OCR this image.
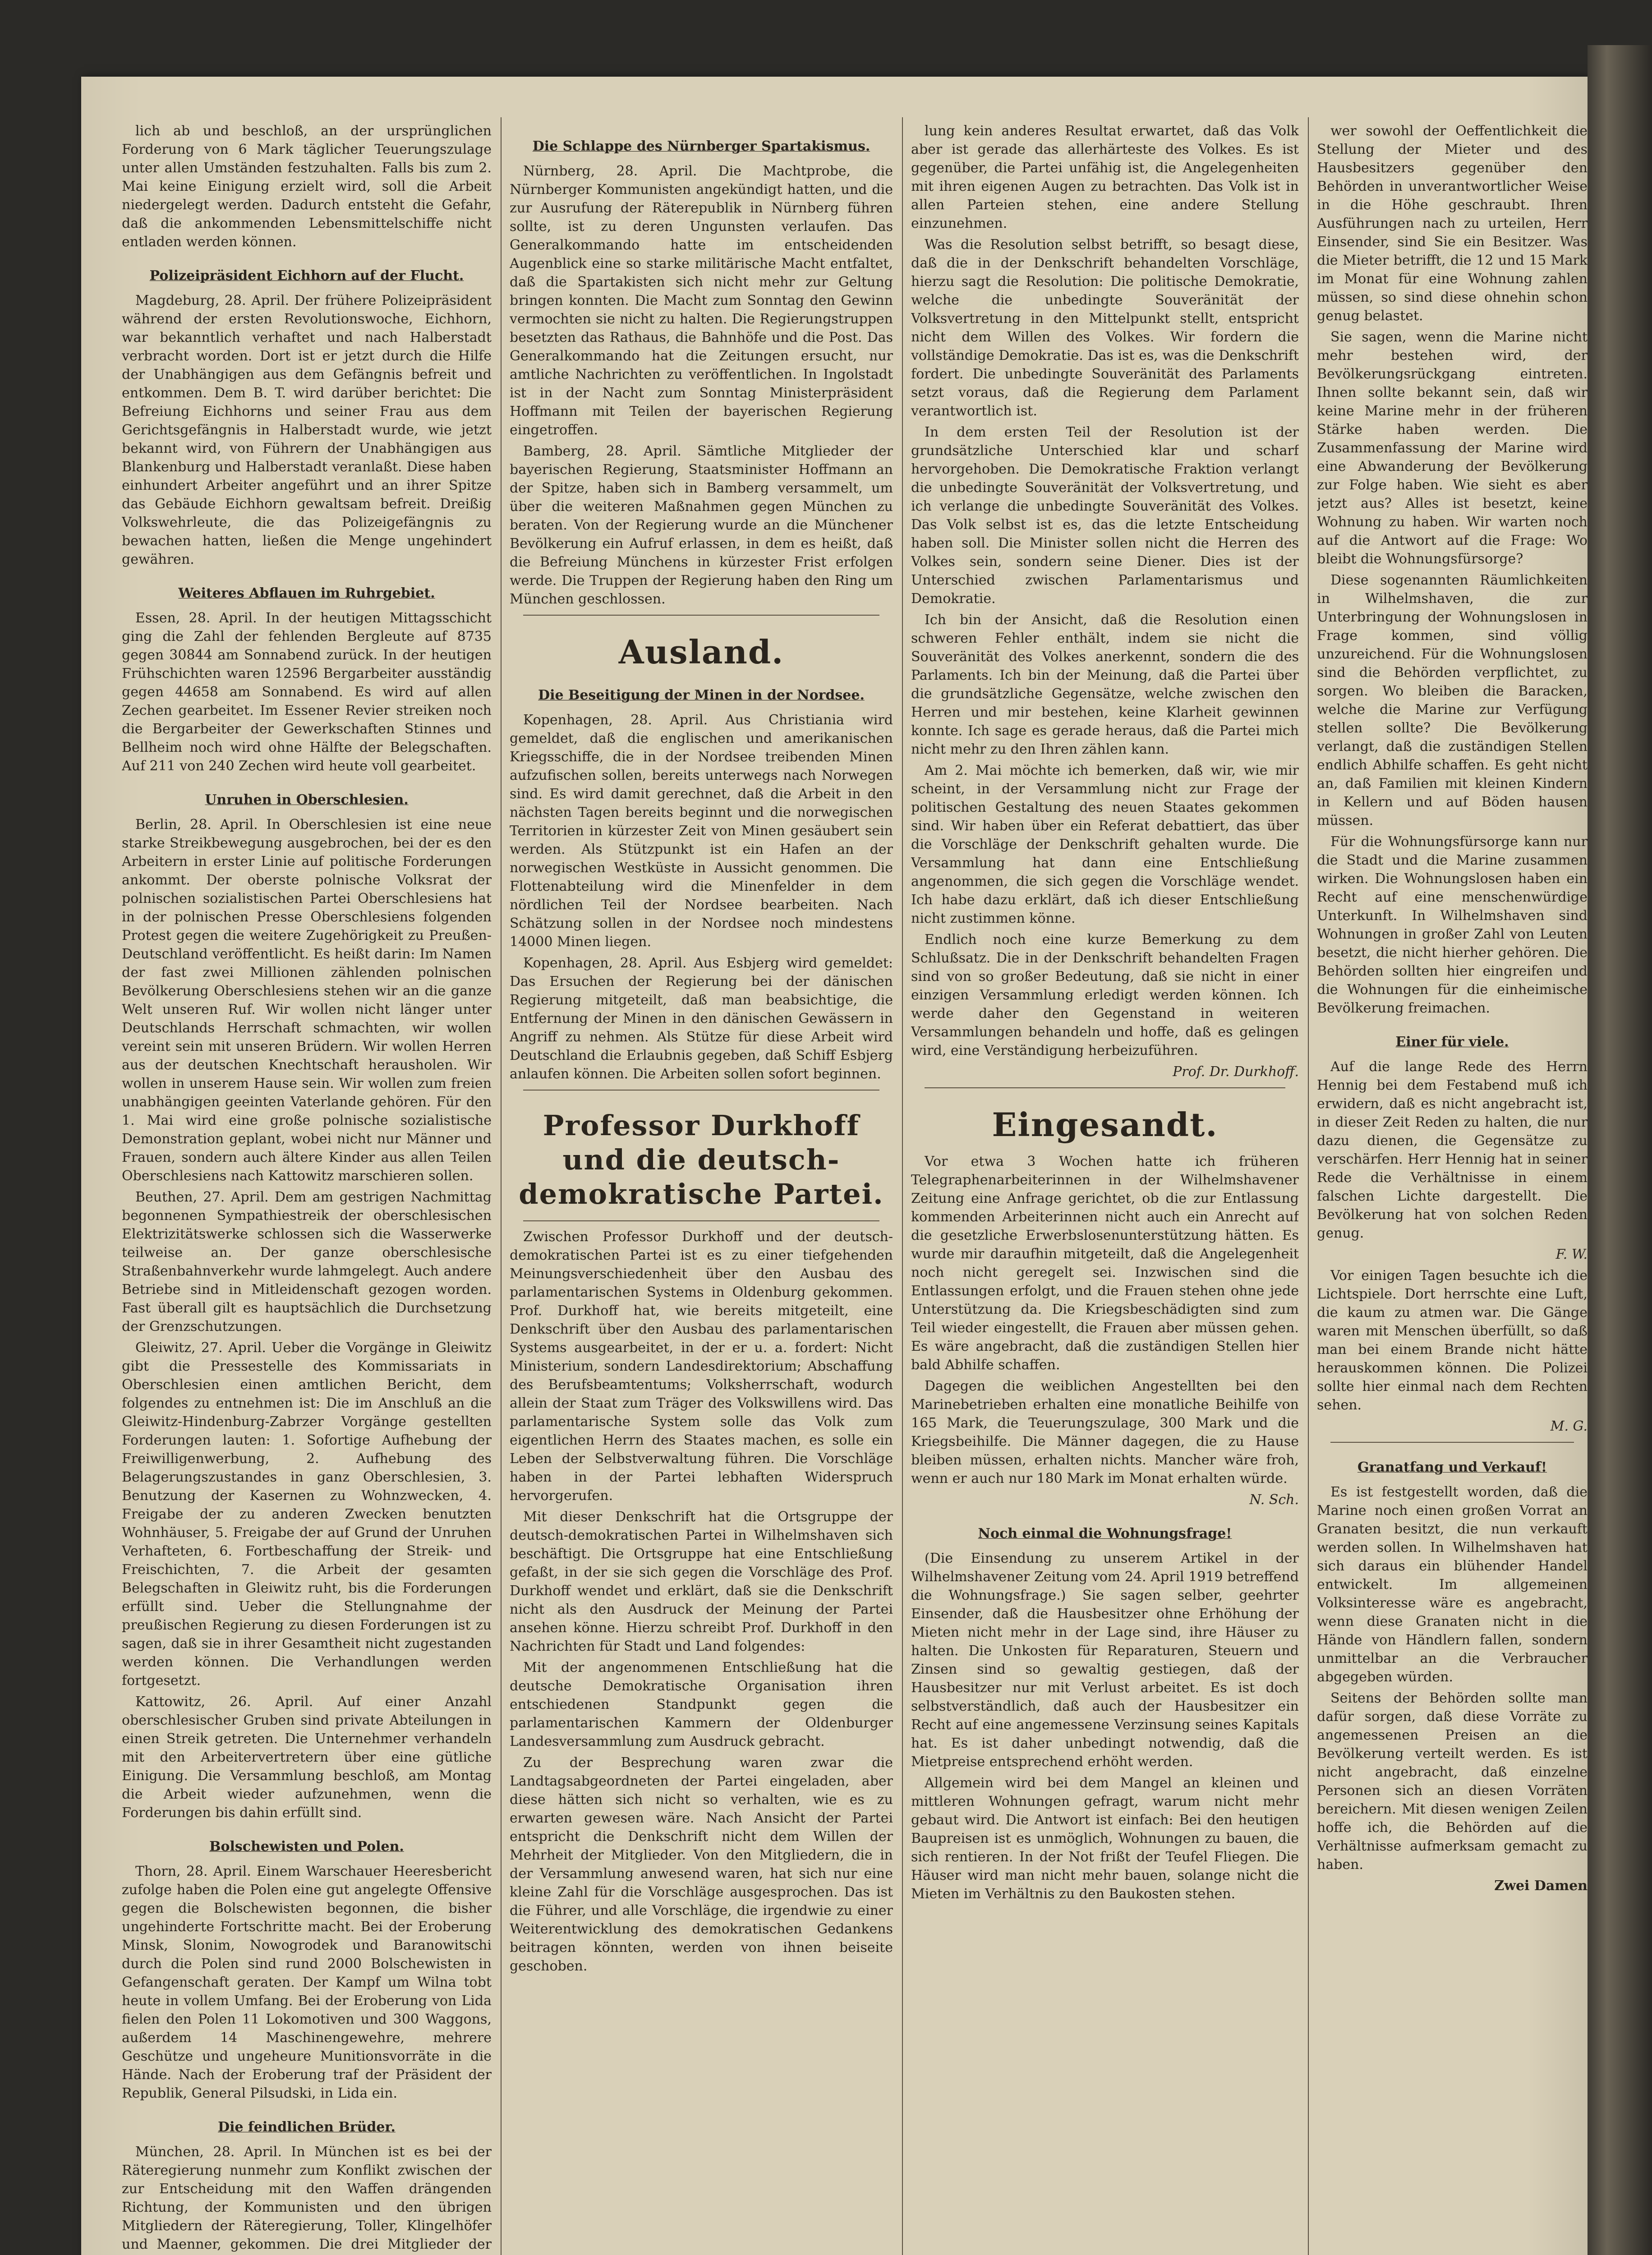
lich ab und beschloß, an der ursprünglichen Forderung von 6 Mark täglicher Teuerungszulage unter allen Umständen festzuhalten. Falls bis zum 2. Mai keine Einigung erzielt wird, soll die Arbeit niedergelegt werden. Dadurch entsteht die Gefahr, daß die ankommenden Lebensmittelschiffe nicht entladen werden können.

Polizeipräsident Eichhorn auf der Flucht.

Magdeburg, 28. April. Der frühere Polizeipräsident während der ersten Revolutionswoche, Eichhorn, war bekanntlich verhaftet und nach Halberstadt verbracht worden. Dort ist er jetzt durch die Hilfe der Unabhängigen aus dem Gefängnis befreit und entkommen. Dem B. T. wird darüber berichtet: Die Befreiung Eichhorns und seiner Frau aus dem Gerichtsgefängnis in Halberstadt wurde, wie jetzt bekannt wird, von Führern der Unabhängigen aus Blankenburg und Halberstadt veranlaßt. Diese haben einhundert Arbeiter angeführt und an ihrer Spitze das Gebäude Eichhorn gewaltsam befreit. Dreißig Volkswehrleute, die das Polizeigefängnis zu bewachen hatten, ließen die Menge ungehindert gewähren.

Weiteres Abflauen im Ruhrgebiet.

Essen, 28. April. In der heutigen Mittagsschicht ging die Zahl der fehlenden Bergleute auf 8735 gegen 30844 am Sonnabend zurück. In der heutigen Frühschichten waren 12596 Bergarbeiter ausständig gegen 44658 am Sonnabend. Es wird auf allen Zechen gearbeitet. Im Essener Revier streiken noch die Bergarbeiter der Gewerkschaften Stinnes und Bellheim noch wird ohne Hälfte der Belegschaften. Auf 211 von 240 Zechen wird heute voll gearbeitet.

Unruhen in Oberschlesien.

Berlin, 28. April. In Oberschlesien ist eine neue starke Streikbewegung ausgebrochen, bei der es den Arbeitern in erster Linie auf politische Forderungen ankommt. Der oberste polnische Volksrat der polnischen sozialistischen Partei Oberschlesiens hat in der polnischen Presse Oberschlesiens folgenden Protest gegen die weitere Zugehörigkeit zu Preußen-Deutschland veröffentlicht. Es heißt darin: Im Namen der fast zwei Millionen zählenden polnischen Bevölkerung Oberschlesiens stehen wir an die ganze Welt unseren Ruf. Wir wollen nicht länger unter Deutschlands Herrschaft schmachten, wir wollen vereint sein mit unseren Brüdern. Wir wollen Herren aus der deutschen Knechtschaft herausholen. Wir wollen in unserem Hause sein. Wir wollen zum freien unabhängigen geeinten Vaterlande gehören. Für den 1. Mai wird eine große polnische sozialistische Demonstration geplant, wobei nicht nur Männer und Frauen, sondern auch ältere Kinder aus allen Teilen Oberschlesiens nach Kattowitz marschieren sollen.

Beuthen, 27. April. Dem am gestrigen Nachmittag begonnenen Sympathiestreik der oberschlesischen Elektrizitätswerke schlossen sich die Wasserwerke teilweise an. Der ganze oberschlesische Straßenbahnverkehr wurde lahmgelegt. Auch andere Betriebe sind in Mitleidenschaft gezogen worden. Fast überall gilt es hauptsächlich die Durchsetzung der Grenzschutzungen.

Gleiwitz, 27. April. Ueber die Vorgänge in Gleiwitz gibt die Pressestelle des Kommissariats in Oberschlesien einen amtlichen Bericht, dem folgendes zu entnehmen ist: Die im Anschluß an die Gleiwitz-Hindenburg-Zabrzer Vorgänge gestellten Forderungen lauten: 1. Sofortige Aufhebung der Freiwilligenwerbung, 2. Aufhebung des Belagerungszustandes in ganz Oberschlesien, 3. Benutzung der Kasernen zu Wohnzwecken, 4. Freigabe der zu anderen Zwecken benutzten Wohnhäuser, 5. Freigabe der auf Grund der Unruhen Verhafteten, 6. Fortbeschaffung der Streik- und Freischichten, 7. die Arbeit der gesamten Belegschaften in Gleiwitz ruht, bis die Forderungen erfüllt sind. Ueber die Stellungnahme der preußischen Regierung zu diesen Forderungen ist zu sagen, daß sie in ihrer Gesamtheit nicht zugestanden werden können. Die Verhandlungen werden fortgesetzt.

Kattowitz, 26. April. Auf einer Anzahl oberschlesischer Gruben sind private Abteilungen in einen Streik getreten. Die Unternehmer verhandeln mit den Arbeitervertretern über eine gütliche Einigung. Die Versammlung beschloß, am Montag die Arbeit wieder aufzunehmen, wenn die Forderungen bis dahin erfüllt sind.

Bolschewisten und Polen.

Thorn, 28. April. Einem Warschauer Heeresbericht zufolge haben die Polen eine gut angelegte Offensive gegen die Bolschewisten begonnen, die bisher ungehinderte Fortschritte macht. Bei der Eroberung Minsk, Slonim, Nowogrodek und Baranowitschi durch die Polen sind rund 2000 Bolschewisten in Gefangenschaft geraten. Der Kampf um Wilna tobt heute in vollem Umfang. Bei der Eroberung von Lida fielen den Polen 11 Lokomotiven und 300 Waggons, außerdem 14 Maschinengewehre, mehrere Geschütze und ungeheure Munitionsvorräte in die Hände. Nach der Eroberung traf der Präsident der Republik, General Pilsudski, in Lida ein.

Die feindlichen Brüder.

München, 28. April. In München ist es bei der Räteregierung nunmehr zum Konflikt zwischen der zur Entscheidung mit den Waffen drängenden Richtung, der Kommunisten und den übrigen Mitgliedern der Räteregierung, Toller, Klingelhöfer und Maenner, gekommen. Die drei Mitglieder der

Die Schlappe des Nürnberger Spartakismus.

Nürnberg, 28. April. Die Machtprobe, die Nürnberger Kommunisten angekündigt hatten, und die zur Ausrufung der Räterepublik in Nürnberg führen sollte, ist zu deren Ungunsten verlaufen. Das Generalkommando hatte im entscheidenden Augenblick eine so starke militärische Macht entfaltet, daß die Spartakisten sich nicht mehr zur Geltung bringen konnten. Die Macht zum Sonntag den Gewinn vermochten sie nicht zu halten. Die Regierungstruppen besetzten das Rathaus, die Bahnhöfe und die Post. Das Generalkommando hat die Zeitungen ersucht, nur amtliche Nachrichten zu veröffentlichen. In Ingolstadt ist in der Nacht zum Sonntag Ministerpräsident Hoffmann mit Teilen der bayerischen Regierung eingetroffen.

Bamberg, 28. April. Sämtliche Mitglieder der bayerischen Regierung, Staatsminister Hoffmann an der Spitze, haben sich in Bamberg versammelt, um über die weiteren Maßnahmen gegen München zu beraten. Von der Regierung wurde an die Münchener Bevölkerung ein Aufruf erlassen, in dem es heißt, daß die Befreiung Münchens in kürzester Frist erfolgen werde. Die Truppen der Regierung haben den Ring um München geschlossen.

Ausland.
Die Beseitigung der Minen in der Nordsee.

Kopenhagen, 28. April. Aus Christiania wird gemeldet, daß die englischen und amerikanischen Kriegsschiffe, die in der Nordsee treibenden Minen aufzufischen sollen, bereits unterwegs nach Norwegen sind. Es wird damit gerechnet, daß die Arbeit in den nächsten Tagen bereits beginnt und die norwegischen Territorien in kürzester Zeit von Minen gesäubert sein werden. Als Stützpunkt ist ein Hafen an der norwegischen Westküste in Aussicht genommen. Die Flottenabteilung wird die Minenfelder in dem nördlichen Teil der Nordsee bearbeiten. Nach Schätzung sollen in der Nordsee noch mindestens 14000 Minen liegen.

Kopenhagen, 28. April. Aus Esbjerg wird gemeldet: Das Ersuchen der Regierung bei der dänischen Regierung mitgeteilt, daß man beabsichtige, die Entfernung der Minen in den dänischen Gewässern in Angriff zu nehmen. Als Stütze für diese Arbeit wird Deutschland die Erlaubnis gegeben, daß Schiff Esbjerg anlaufen können. Die Arbeiten sollen sofort beginnen.

Professor Durkhoff und die deutsch-demokratische Partei.

Zwischen Professor Durkhoff und der deutsch-demokratischen Partei ist es zu einer tiefgehenden Meinungsverschiedenheit über den Ausbau des parlamentarischen Systems in Oldenburg gekommen. Prof. Durkhoff hat, wie bereits mitgeteilt, eine Denkschrift über den Ausbau des parlamentarischen Systems ausgearbeitet, in der er u. a. fordert: Nicht Ministerium, sondern Landesdirektorium; Abschaffung des Berufsbeamtentums; Volksherrschaft, wodurch allein der Staat zum Träger des Volkswillens wird. Das parlamentarische System solle das Volk zum eigentlichen Herrn des Staates machen, es solle ein Leben der Selbstverwaltung führen. Die Vorschläge haben in der Partei lebhaften Widerspruch hervorgerufen.

Mit dieser Denkschrift hat die Ortsgruppe der deutsch-demokratischen Partei in Wilhelmshaven sich beschäftigt. Die Ortsgruppe hat eine Entschließung gefaßt, in der sie sich gegen die Vorschläge des Prof. Durkhoff wendet und erklärt, daß sie die Denkschrift nicht als den Ausdruck der Meinung der Partei ansehen könne. Hierzu schreibt Prof. Durkhoff in den Nachrichten für Stadt und Land folgendes:

Mit der angenommenen Entschließung hat die deutsche Demokratische Organisation ihren entschiedenen Standpunkt gegen die parlamentarischen Kammern der Oldenburger Landesversammlung zum Ausdruck gebracht.

Zu der Besprechung waren zwar die Landtagsabgeordneten der Partei eingeladen, aber diese hätten sich nicht so verhalten, wie es zu erwarten gewesen wäre. Nach Ansicht der Partei entspricht die Denkschrift nicht dem Willen der Mehrheit der Mitglieder. Von den Mitgliedern, die in der Versammlung anwesend waren, hat sich nur eine kleine Zahl für die Vorschläge ausgesprochen. Das ist die Führer, und alle Vorschläge, die irgendwie zu einer Weiterentwicklung des demokratischen Gedankens beitragen könnten, werden von ihnen beiseite geschoben.

lung kein anderes Resultat erwartet, daß das Volk aber ist gerade das allerhärteste des Volkes. Es ist gegenüber, die Partei unfähig ist, die Angelegenheiten mit ihren eigenen Augen zu betrachten. Das Volk ist in allen Parteien stehen, eine andere Stellung einzunehmen.

Was die Resolution selbst betrifft, so besagt diese, daß die in der Denkschrift behandelten Vorschläge, hierzu sagt die Resolution: Die politische Demokratie, welche die unbedingte Souveränität der Volksvertretung in den Mittelpunkt stellt, entspricht nicht dem Willen des Volkes. Wir fordern die vollständige Demokratie. Das ist es, was die Denkschrift fordert. Die unbedingte Souveränität des Parlaments setzt voraus, daß die Regierung dem Parlament verantwortlich ist.

In dem ersten Teil der Resolution ist der grundsätzliche Unterschied klar und scharf hervorgehoben. Die Demokratische Fraktion verlangt die unbedingte Souveränität der Volksvertretung, und ich verlange die unbedingte Souveränität des Volkes. Das Volk selbst ist es, das die letzte Entscheidung haben soll. Die Minister sollen nicht die Herren des Volkes sein, sondern seine Diener. Dies ist der Unterschied zwischen Parlamentarismus und Demokratie.

Ich bin der Ansicht, daß die Resolution einen schweren Fehler enthält, indem sie nicht die Souveränität des Volkes anerkennt, sondern die des Parlaments. Ich bin der Meinung, daß die Partei über die grundsätzliche Gegensätze, welche zwischen den Herren und mir bestehen, keine Klarheit gewinnen konnte. Ich sage es gerade heraus, daß die Partei mich nicht mehr zu den Ihren zählen kann.

Am 2. Mai möchte ich bemerken, daß wir, wie mir scheint, in der Versammlung nicht zur Frage der politischen Gestaltung des neuen Staates gekommen sind. Wir haben über ein Referat debattiert, das über die Vorschläge der Denkschrift gehalten wurde. Die Versammlung hat dann eine Entschließung angenommen, die sich gegen die Vorschläge wendet. Ich habe dazu erklärt, daß ich dieser Entschließung nicht zustimmen könne.

Endlich noch eine kurze Bemerkung zu dem Schlußsatz. Die in der Denkschrift behandelten Fragen sind von so großer Bedeutung, daß sie nicht in einer einzigen Versammlung erledigt werden können. Ich werde daher den Gegenstand in weiteren Versammlungen behandeln und hoffe, daß es gelingen wird, eine Verständigung herbeizuführen.

Prof. Dr. Durkhoff.

Eingesandt.

Vor etwa 3 Wochen hatte ich früheren Telegraphenarbeiterinnen in der Wilhelmshavener Zeitung eine Anfrage gerichtet, ob die zur Entlassung kommenden Arbeiterinnen nicht auch ein Anrecht auf die gesetzliche Erwerbslosenunterstützung hätten. Es wurde mir daraufhin mitgeteilt, daß die Angelegenheit noch nicht geregelt sei. Inzwischen sind die Entlassungen erfolgt, und die Frauen stehen ohne jede Unterstützung da. Die Kriegsbeschädigten sind zum Teil wieder eingestellt, die Frauen aber müssen gehen. Es wäre angebracht, daß die zuständigen Stellen hier bald Abhilfe schaffen.

Dagegen die weiblichen Angestellten bei den Marinebetrieben erhalten eine monatliche Beihilfe von 165 Mark, die Teuerungszulage, 300 Mark und die Kriegsbeihilfe. Die Männer dagegen, die zu Hause bleiben müssen, erhalten nichts. Mancher wäre froh, wenn er auch nur 180 Mark im Monat erhalten würde.

N. Sch.

Noch einmal die Wohnungsfrage!

(Die Einsendung zu unserem Artikel in der Wilhelmshavener Zeitung vom 24. April 1919 betreffend die Wohnungsfrage.) Sie sagen selber, geehrter Einsender, daß die Hausbesitzer ohne Erhöhung der Mieten nicht mehr in der Lage sind, ihre Häuser zu halten. Die Unkosten für Reparaturen, Steuern und Zinsen sind so gewaltig gestiegen, daß der Hausbesitzer nur mit Verlust arbeitet. Es ist doch selbstverständlich, daß auch der Hausbesitzer ein Recht auf eine angemessene Verzinsung seines Kapitals hat. Es ist daher unbedingt notwendig, daß die Mietpreise entsprechend erhöht werden.

Allgemein wird bei dem Mangel an kleinen und mittleren Wohnungen gefragt, warum nicht mehr gebaut wird. Die Antwort ist einfach: Bei den heutigen Baupreisen ist es unmöglich, Wohnungen zu bauen, die sich rentieren. In der Not frißt der Teufel Fliegen. Die Häuser wird man nicht mehr bauen, solange nicht die Mieten im Verhältnis zu den Baukosten stehen.

wer sowohl der Oeffentlichkeit die Stellung der Mieter und des Hausbesitzers gegenüber den Behörden in unverantwortlicher Weise in die Höhe geschraubt. Ihren Ausführungen nach zu urteilen, Herr Einsender, sind Sie ein Besitzer. Was die Mieter betrifft, die 12 und 15 Mark im Monat für eine Wohnung zahlen müssen, so sind diese ohnehin schon genug belastet.

Sie sagen, wenn die Marine nicht mehr bestehen wird, der Bevölkerungsrückgang eintreten. Ihnen sollte bekannt sein, daß wir keine Marine mehr in der früheren Stärke haben werden. Die Zusammenfassung der Marine wird eine Abwanderung der Bevölkerung zur Folge haben. Wie sieht es aber jetzt aus? Alles ist besetzt, keine Wohnung zu haben. Wir warten noch auf die Antwort auf die Frage: Wo bleibt die Wohnungsfürsorge?

Diese sogenannten Räumlichkeiten in Wilhelmshaven, die zur Unterbringung der Wohnungslosen in Frage kommen, sind völlig unzureichend. Für die Wohnungslosen sind die Behörden verpflichtet, zu sorgen. Wo bleiben die Baracken, welche die Marine zur Verfügung stellen sollte? Die Bevölkerung verlangt, daß die zuständigen Stellen endlich Abhilfe schaffen. Es geht nicht an, daß Familien mit kleinen Kindern in Kellern und auf Böden hausen müssen.

Für die Wohnungsfürsorge kann nur die Stadt und die Marine zusammen wirken. Die Wohnungslosen haben ein Recht auf eine menschenwürdige Unterkunft. In Wilhelmshaven sind Wohnungen in großer Zahl von Leuten besetzt, die nicht hierher gehören. Die Behörden sollten hier eingreifen und die Wohnungen für die einheimische Bevölkerung freimachen.

Einer für viele.

Auf die lange Rede des Herrn Hennig bei dem Festabend muß ich erwidern, daß es nicht angebracht ist, in dieser Zeit Reden zu halten, die nur dazu dienen, die Gegensätze zu verschärfen. Herr Hennig hat in seiner Rede die Verhältnisse in einem falschen Lichte dargestellt. Die Bevölkerung hat von solchen Reden genug.

F. W.

Vor einigen Tagen besuchte ich die Lichtspiele. Dort herrschte eine Luft, die kaum zu atmen war. Die Gänge waren mit Menschen überfüllt, so daß man bei einem Brande nicht hätte herauskommen können. Die Polizei sollte hier einmal nach dem Rechten sehen.

M. G.

Granatfang und Verkauf!

Es ist festgestellt worden, daß die Marine noch einen großen Vorrat an Granaten besitzt, die nun verkauft werden sollen. In Wilhelmshaven hat sich daraus ein blühender Handel entwickelt. Im allgemeinen Volksinteresse wäre es angebracht, wenn diese Granaten nicht in die Hände von Händlern fallen, sondern unmittelbar an die Verbraucher abgegeben würden.

Seitens der Behörden sollte man dafür sorgen, daß diese Vorräte zu angemessenen Preisen an die Bevölkerung verteilt werden. Es ist nicht angebracht, daß einzelne Personen sich an diesen Vorräten bereichern. Mit diesen wenigen Zeilen hoffe ich, die Behörden auf die Verhältnisse aufmerksam gemacht zu haben.

Zwei Damen
